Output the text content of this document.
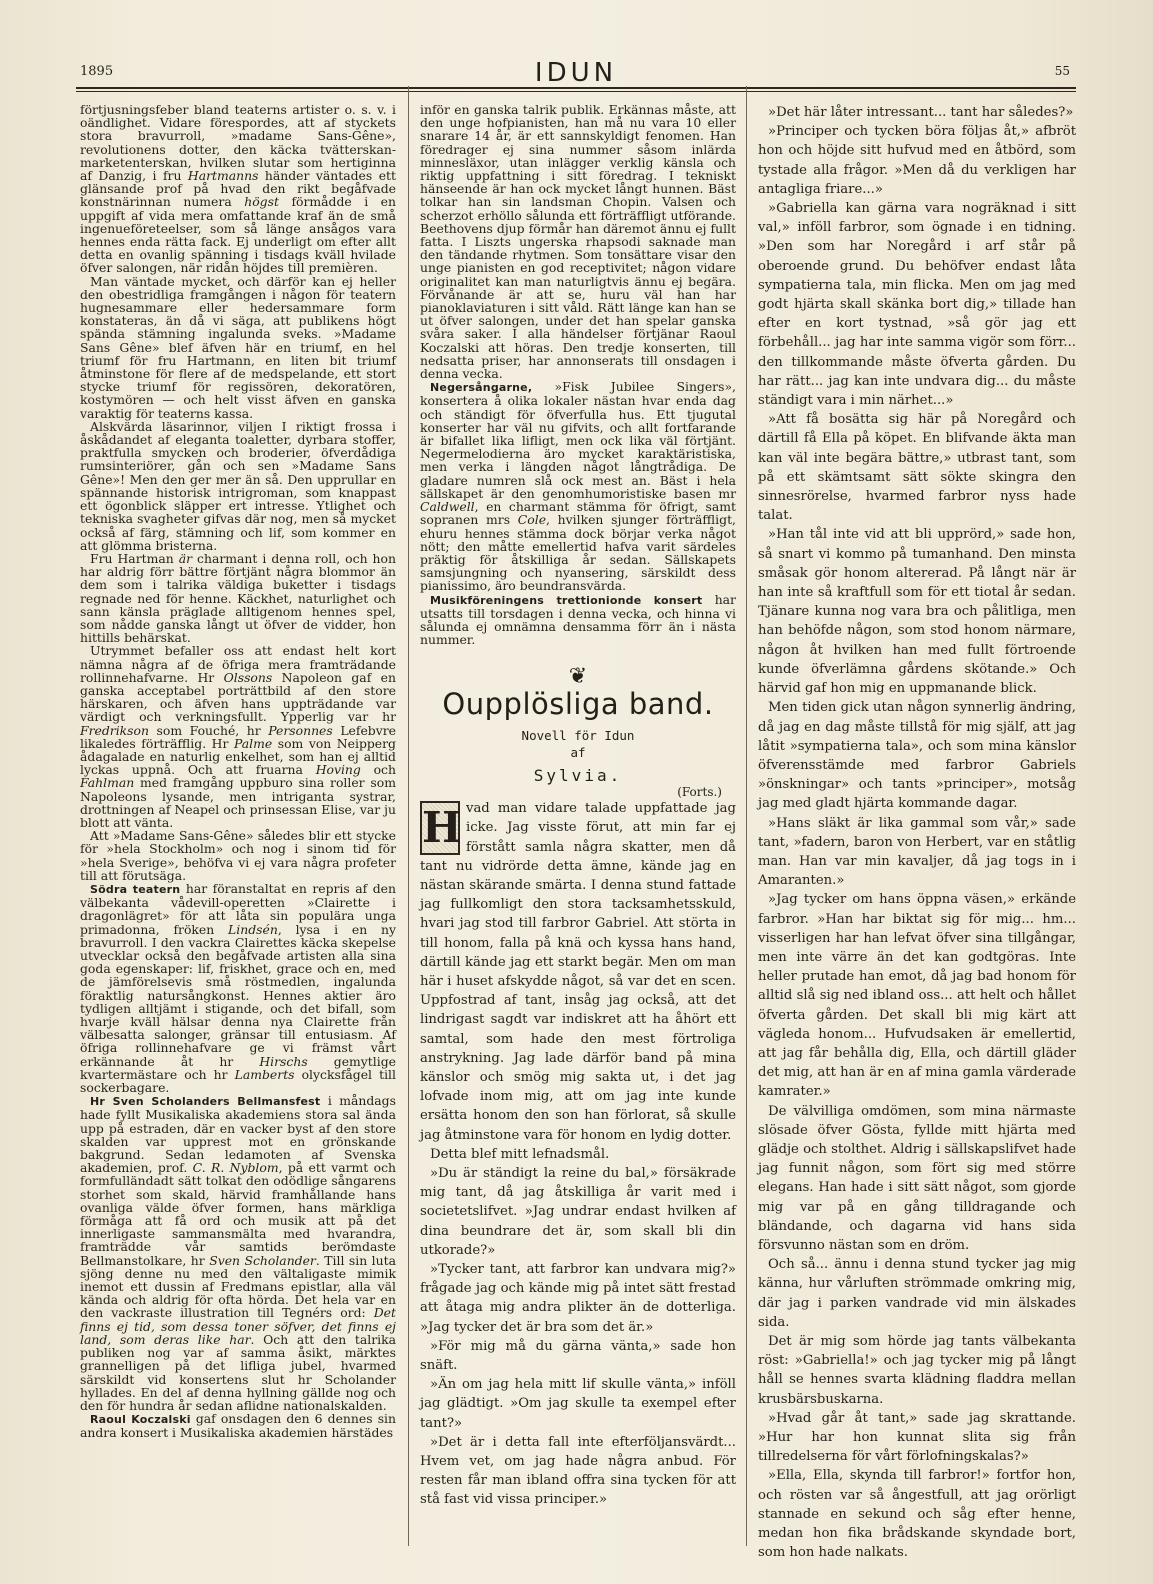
1895	IDUN	55

förtjusningsfeber bland teaterns artister o. s. v. i oändlighet. Vidare förespordes, att af styckets stora bravurroll, »madame Sans-Gêne», revolutionens dotter, den käcka tvätterskan- marketenterskan, hvilken slutar som hertiginna af Danzig, i fru Hartmanns händer väntades ett glänsande prof på hvad den rikt begåfvade konstnärinnan numera högst förmådde i en uppgift af vida mera omfattande kraf än de små ingenueföreteelser, som så länge ansågos vara hennes enda rätta fack. Ej underligt om efter allt detta en ovanlig spänning i tisdags kväll hvilade öfver salongen, när ridån höjdes till premièren.

Man väntade mycket, och därför kan ej heller den obestridliga framgången i någon för teatern hugnesammare eller hedersammare form konstateras, än då vi säga, att publikens högt spända stämning ingalunda sveks. »Madame Sans Gêne» blef äfven här en triumf, en hel triumf för fru Hartmann, en liten bit triumf åtminstone för flere af de medspelande, ett stort stycke triumf för regissören, dekoratören, kostymören — och helt visst äfven en ganska varaktig för teaterns kassa.

Alskvärda läsarinnor, viljen I riktigt frossa i åskådandet af eleganta toaletter, dyrbara stoffer, praktfulla smycken och broderier, öfverdådiga rumsinteriörer, gån och sen »Madame Sans Gêne»! Men den ger mer än så. Den upprullar en spännande historisk intrigroman, som knappast ett ögonblick släpper ert intresse. Ytlighet och tekniska svagheter gifvas där nog, men så mycket också af färg, stämning och lif, som kommer en att glömma bristerna.

Fru Hartman är charmant i denna roll, och hon har aldrig förr bättre förtjänt några blommor än dem som i talrika väldiga buketter i tisdags regnade ned för henne. Käckhet, naturlighet och sann känsla präglade alltigenom hennes spel, som nådde ganska långt ut öfver de vidder, hon hittills behärskat.

Utrymmet befaller oss att endast helt kort nämna några af de öfriga mera framträdande rollinnehafvarne. Hr Olssons Napoleon gaf en ganska acceptabel porträttbild af den store härskaren, och äfven hans uppträdande var värdigt och verkningsfullt. Ypperlig var hr Fredrikson som Fouché, hr Personnes Lefebvre likaledes förträfflig. Hr Palme som von Neipperg ådagalade en naturlig enkelhet, som han ej alltid lyckas uppnå. Och att fruarna Hoving och Fahlman med framgång uppburo sina roller som Napoleons lysande, men intriganta systrar, drottningen af Neapel och prinsessan Elise, var ju blott att vänta.

Att »Madame Sans-Gêne» således blir ett stycke för »hela Stockholm» och nog i sinom tid för »hela Sverige», behöfva vi ej vara några profeter till att förutsäga.

Södra teatern har föranstaltat en repris af den välbekanta vådevill-operetten »Clairette i dragonlägret» för att låta sin populära unga primadonna, fröken Lindsén, lysa i en ny bravurroll. I den vackra Clairettes käcka skepelse utvecklar också den begåfvade artisten alla sina goda egenskaper: lif, friskhet, grace och en, med de jämförelsevis små röstmedlen, ingalunda föraktlig natursångkonst. Hennes aktier äro tydligen alltjämt i stigande, och det bifall, som hvarje kväll hälsar denna nya Clairette från välbesatta salonger, gränsar till entusiasm. Af öfriga rollinnehafvare ge vi främst vårt erkännande åt hr Hirschs gemytlige kvartermästare och hr Lamberts olycksfågel till sockerbagare.

Hr Sven Scholanders Bellmansfest i måndags hade fyllt Musikaliska akademiens stora sal ända upp på estraden, där en vacker byst af den store skalden var upprest mot en grönskande bakgrund. Sedan ledamoten af Svenska akademien, prof. C. R. Nyblom, på ett varmt och formfulländadt sätt tolkat den odödlige sångarens storhet som skald, härvid framhållande hans ovanliga välde öfver formen, hans märkliga förmåga att få ord och musik att på det innerligaste sammansmälta med hvarandra, framträdde vår samtids berömdaste Bellmanstolkare, hr Sven Scholander. Till sin luta sjöng denne nu med den vältaligaste mimik inemot ett dussin af Fredmans epistlar, alla väl kända och aldrig för ofta hörda. Det hela var en den vackraste illustration till Tegnérs ord: Det finns ej tid, som dessa toner söfver, det finns ej land, som deras like har. Och att den talrika publiken nog var af samma åsikt, märktes grannelligen på det lifliga jubel, hvarmed särskildt vid konsertens slut hr Scholander hyllades. En del af denna hyllning gällde nog och den för hundra år sedan aflidne nationalskalden.

Raoul Koczalski gaf onsdagen den 6 dennes sin andra konsert i Musikaliska akademien härstädes

inför en ganska talrik publik. Erkännas måste, att den unge hofpianisten, han må nu vara 10 eller snarare 14 år, är ett sannskyldigt fenomen. Han föredrager ej sina nummer såsom inlärda minnesläxor, utan inlägger verklig känsla och riktig uppfattning i sitt föredrag. I tekniskt hänseende är han ock mycket långt hunnen. Bäst tolkar han sin landsman Chopin. Valsen och scherzot erhöllo sålunda ett förträffligt utförande. Beethovens djup förmår han däremot ännu ej fullt fatta. I Liszts ungerska rhapsodi saknade man den tändande rhytmen. Som tonsättare visar den unge pianisten en god receptivitet; någon vidare originalitet kan man naturligtvis ännu ej begära. Förvånande är att se, huru väl han har pianoklaviaturen i sitt våld. Rätt länge kan han se ut öfver salongen, under det han spelar ganska svåra saker. I alla händelser förtjänar Raoul Koczalski att höras. Den tredje konserten, till nedsatta priser, har annonserats till onsdagen i denna vecka.

Negersångarne, »Fisk Jubilee Singers», konsertera å olika lokaler nästan hvar enda dag och ständigt för öfverfulla hus. Ett tjugutal konserter har väl nu gifvits, och allt fortfarande är bifallet lika lifligt, men ock lika väl förtjänt. Negermelodierna äro mycket karaktäristiska, men verka i längden något långtrådiga. De gladare numren slå ock mest an. Bäst i hela sällskapet är den genomhumoristiske basen mr Caldwell, en charmant stämma för öfrigt, samt sopranen mrs Cole, hvilken sjunger förträffligt, ehuru hennes stämma dock börjar verka något nött; den måtte emellertid hafva varit särdeles präktig för åtskilliga år sedan. Sällskapets samsjungning och nyansering, särskildt dess pianissimo, äro beundransvärda.

Musikföreningens trettionionde konsert har utsatts till torsdagen i denna vecka, och hinna vi sålunda ej omnämna densamma förr än i nästa nummer.

❦
Oupplösliga band.
Novell för Idun
af
Sylvia.
(Forts.)

H vad man vidare talade uppfattade jag icke. Jag visste förut, att min far ej förstått samla några skatter, men då tant nu vidrörde detta ämne, kände jag en nästan skärande smärta. I denna stund fattade jag fullkomligt den stora tacksamhetsskuld, hvari jag stod till farbror Gabriel. Att störta in till honom, falla på knä och kyssa hans hand, därtill kände jag ett starkt begär. Men om man här i huset afskydde något, så var det en scen. Uppfostrad af tant, insåg jag också, att det lindrigast sagdt var indiskret att ha åhört ett samtal, som hade den mest förtroliga anstrykning. Jag lade därför band på mina känslor och smög mig sakta ut, i det jag lofvade inom mig, att om jag inte kunde ersätta honom den son han förlorat, så skulle jag åtminstone vara för honom en lydig dotter.

Detta blef mitt lefnadsmål.

»Du är ständigt la reine du bal,» försäkrade mig tant, då jag åtskilliga år varit med i societetslifvet. »Jag undrar endast hvilken af dina beundrare det är, som skall bli din utkorade?»

»Tycker tant, att farbror kan undvara mig?» frågade jag och kände mig på intet sätt frestad att åtaga mig andra plikter än de dotterliga. »Jag tycker det är bra som det är.»

»För mig må du gärna vänta,» sade hon snäft.

»Än om jag hela mitt lif skulle vänta,» inföll jag glädtigt. »Om jag skulle ta exempel efter tant?»

»Det är i detta fall inte efterföljansvärdt... Hvem vet, om jag hade några anbud. För resten får man ibland offra sina tycken för att stå fast vid vissa principer.»

»Det här låter intressant... tant har således?»

»Principer och tycken böra följas åt,» afbröt hon och höjde sitt hufvud med en åtbörd, som tystade alla frågor. »Men då du verkligen har antagliga friare...»

»Gabriella kan gärna vara nogräknad i sitt val,» inföll farbror, som ögnade i en tidning. »Den som har Noregård i arf står på oberoende grund. Du behöfver endast låta sympatierna tala, min flicka. Men om jag med godt hjärta skall skänka bort dig,» tillade han efter en kort tystnad, »så gör jag ett förbehåll... jag har inte samma vigör som förr... den tillkommande måste öfverta gården. Du har rätt... jag kan inte undvara dig... du måste ständigt vara i min närhet...»

»Att få bosätta sig här på Noregård och därtill få Ella på köpet. En blifvande äkta man kan väl inte begära bättre,» utbrast tant, som på ett skämtsamt sätt sökte skingra den sinnesrörelse, hvarmed farbror nyss hade talat.

»Han tål inte vid att bli upprörd,» sade hon, så snart vi kommo på tumanhand. Den minsta småsak gör honom altererad. På långt när är han inte så kraftfull som för ett tiotal år sedan. Tjänare kunna nog vara bra och pålitliga, men han behöfde någon, som stod honom närmare, någon åt hvilken han med fullt förtroende kunde öfverlämna gårdens skötande.» Och härvid gaf hon mig en uppmanande blick.

Men tiden gick utan någon synnerlig ändring, då jag en dag måste tillstå för mig själf, att jag låtit »sympatierna tala», och som mina känslor öfverensstämde med farbror Gabriels »önskningar» och tants »principer», motsåg jag med gladt hjärta kommande dagar.

»Hans släkt är lika gammal som vår,» sade tant, »fadern, baron von Herbert, var en ståtlig man. Han var min kavaljer, då jag togs in i Amaranten.»

»Jag tycker om hans öppna väsen,» erkände farbror. »Han har biktat sig för mig... hm... visserligen har han lefvat öfver sina tillgångar, men inte värre än det kan godtgöras. Inte heller prutade han emot, då jag bad honom för alltid slå sig ned ibland oss... att helt och hållet öfverta gården. Det skall bli mig kärt att vägleda honom... Hufvudsaken är emellertid, att jag får behålla dig, Ella, och därtill gläder det mig, att han är en af mina gamla värderade kamrater.»

De välvilliga omdömen, som mina närmaste slösade öfver Gösta, fyllde mitt hjärta med glädje och stolthet. Aldrig i sällskapslifvet hade jag funnit någon, som fört sig med större elegans. Han hade i sitt sätt något, som gjorde mig var på en gång tilldragande och bländande, och dagarna vid hans sida försvunno nästan som en dröm.

Och så... ännu i denna stund tycker jag mig känna, hur vårluften strömmade omkring mig, där jag i parken vandrade vid min älskades sida.

Det är mig som hörde jag tants välbekanta röst: »Gabriella!» och jag tycker mig på långt håll se hennes svarta klädning fladdra mellan krusbärsbuskarna.

»Hvad går åt tant,» sade jag skrattande. »Hur har hon kunnat slita sig från tillredelserna för vårt förlofningskalas?»

»Ella, Ella, skynda till farbror!» fortfor hon, och rösten var så ångestfull, att jag orörligt stannade en sekund och såg efter henne, medan hon fika brådskande skyndade bort, som hon hade nalkats.
